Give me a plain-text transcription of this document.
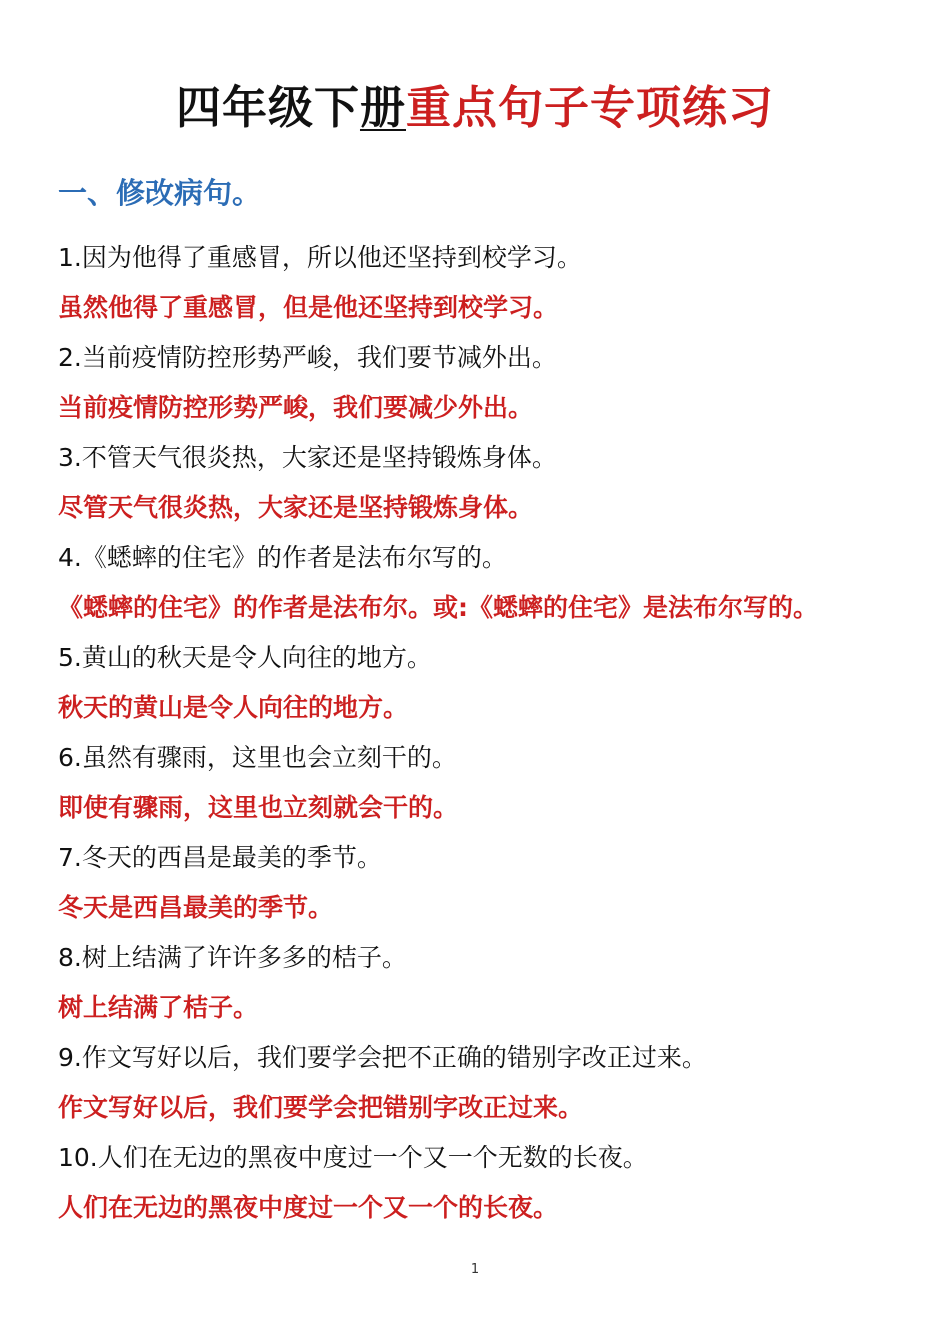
四年级下册重点句子专项练习
一、修改病句。
1.因为他得了重感冒，所以他还坚持到校学习。
虽然他得了重感冒，但是他还坚持到校学习。
2.当前疫情防控形势严峻，我们要节减外出。
当前疫情防控形势严峻，我们要减少外出。
3.不管天气很炎热，大家还是坚持锻炼身体。
尽管天气很炎热，大家还是坚持锻炼身体。
4.《蟋蟀的住宅》的作者是法布尔写的。
《蟋蟀的住宅》的作者是法布尔。或:《蟋蟀的住宅》是法布尔写的。
5.黄山的秋天是令人向往的地方。
秋天的黄山是令人向往的地方。
6.虽然有骤雨，这里也会立刻干的。
即使有骤雨，这里也立刻就会干的。
7.冬天的西昌是最美的季节。
冬天是西昌最美的季节。
8.树上结满了许许多多的桔子。
树上结满了桔子。
9.作文写好以后，我们要学会把不正确的错别字改正过来。
作文写好以后，我们要学会把错别字改正过来。
10.人们在无边的黑夜中度过一个又一个无数的长夜。
人们在无边的黑夜中度过一个又一个的长夜。
1
